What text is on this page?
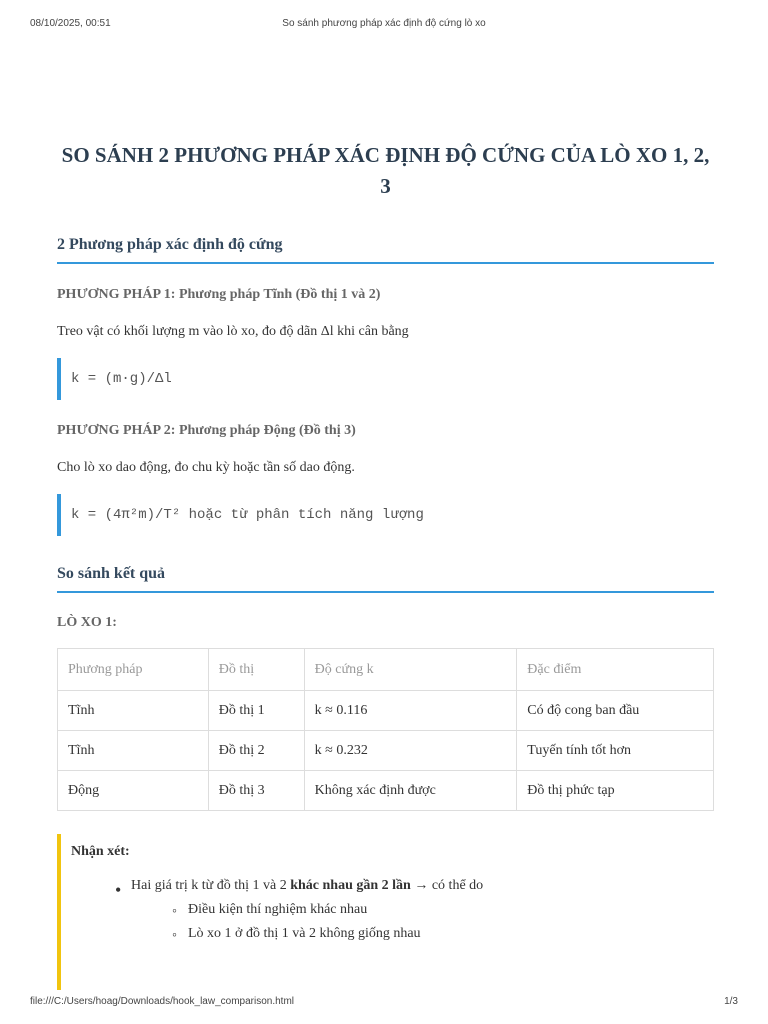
08/10/2025, 00:51	So sánh phương pháp xác định độ cứng lò xo
SO SÁNH 2 PHƯƠNG PHÁP XÁC ĐỊNH ĐỘ CỨNG CỦA LÒ XO 1, 2, 3
2 Phương pháp xác định độ cứng
PHƯƠNG PHÁP 1: Phương pháp Tĩnh (Đồ thị 1 và 2)

Treo vật có khối lượng m vào lò xo, đo độ dãn Δl khi cân bằng

k = (m·g)/Δl
PHƯƠNG PHÁP 2: Phương pháp Động (Đồ thị 3)

Cho lò xo dao động, đo chu kỳ hoặc tần số dao động.

k = (4π²m)/T² hoặc từ phân tích năng lượng
So sánh kết quả
LÒ XO 1:
Phương pháp	Đồ thị	Độ cứng k	Đặc điểm
Tĩnh	Đồ thị 1	k ≈ 0.116	Có độ cong ban đầu
Tĩnh	Đồ thị 2	k ≈ 0.232	Tuyến tính tốt hơn
Động	Đồ thị 3	Không xác định được	Đồ thị phức tạp
Nhận xét:
• Hai giá trị k từ đồ thị 1 và 2 khác nhau gần 2 lần → có thể do
◦ Điều kiện thí nghiệm khác nhau
◦ Lò xo 1 ở đồ thị 1 và 2 không giống nhau
file:///C:/Users/hoag/Downloads/hook_law_comparison.html	1/3
